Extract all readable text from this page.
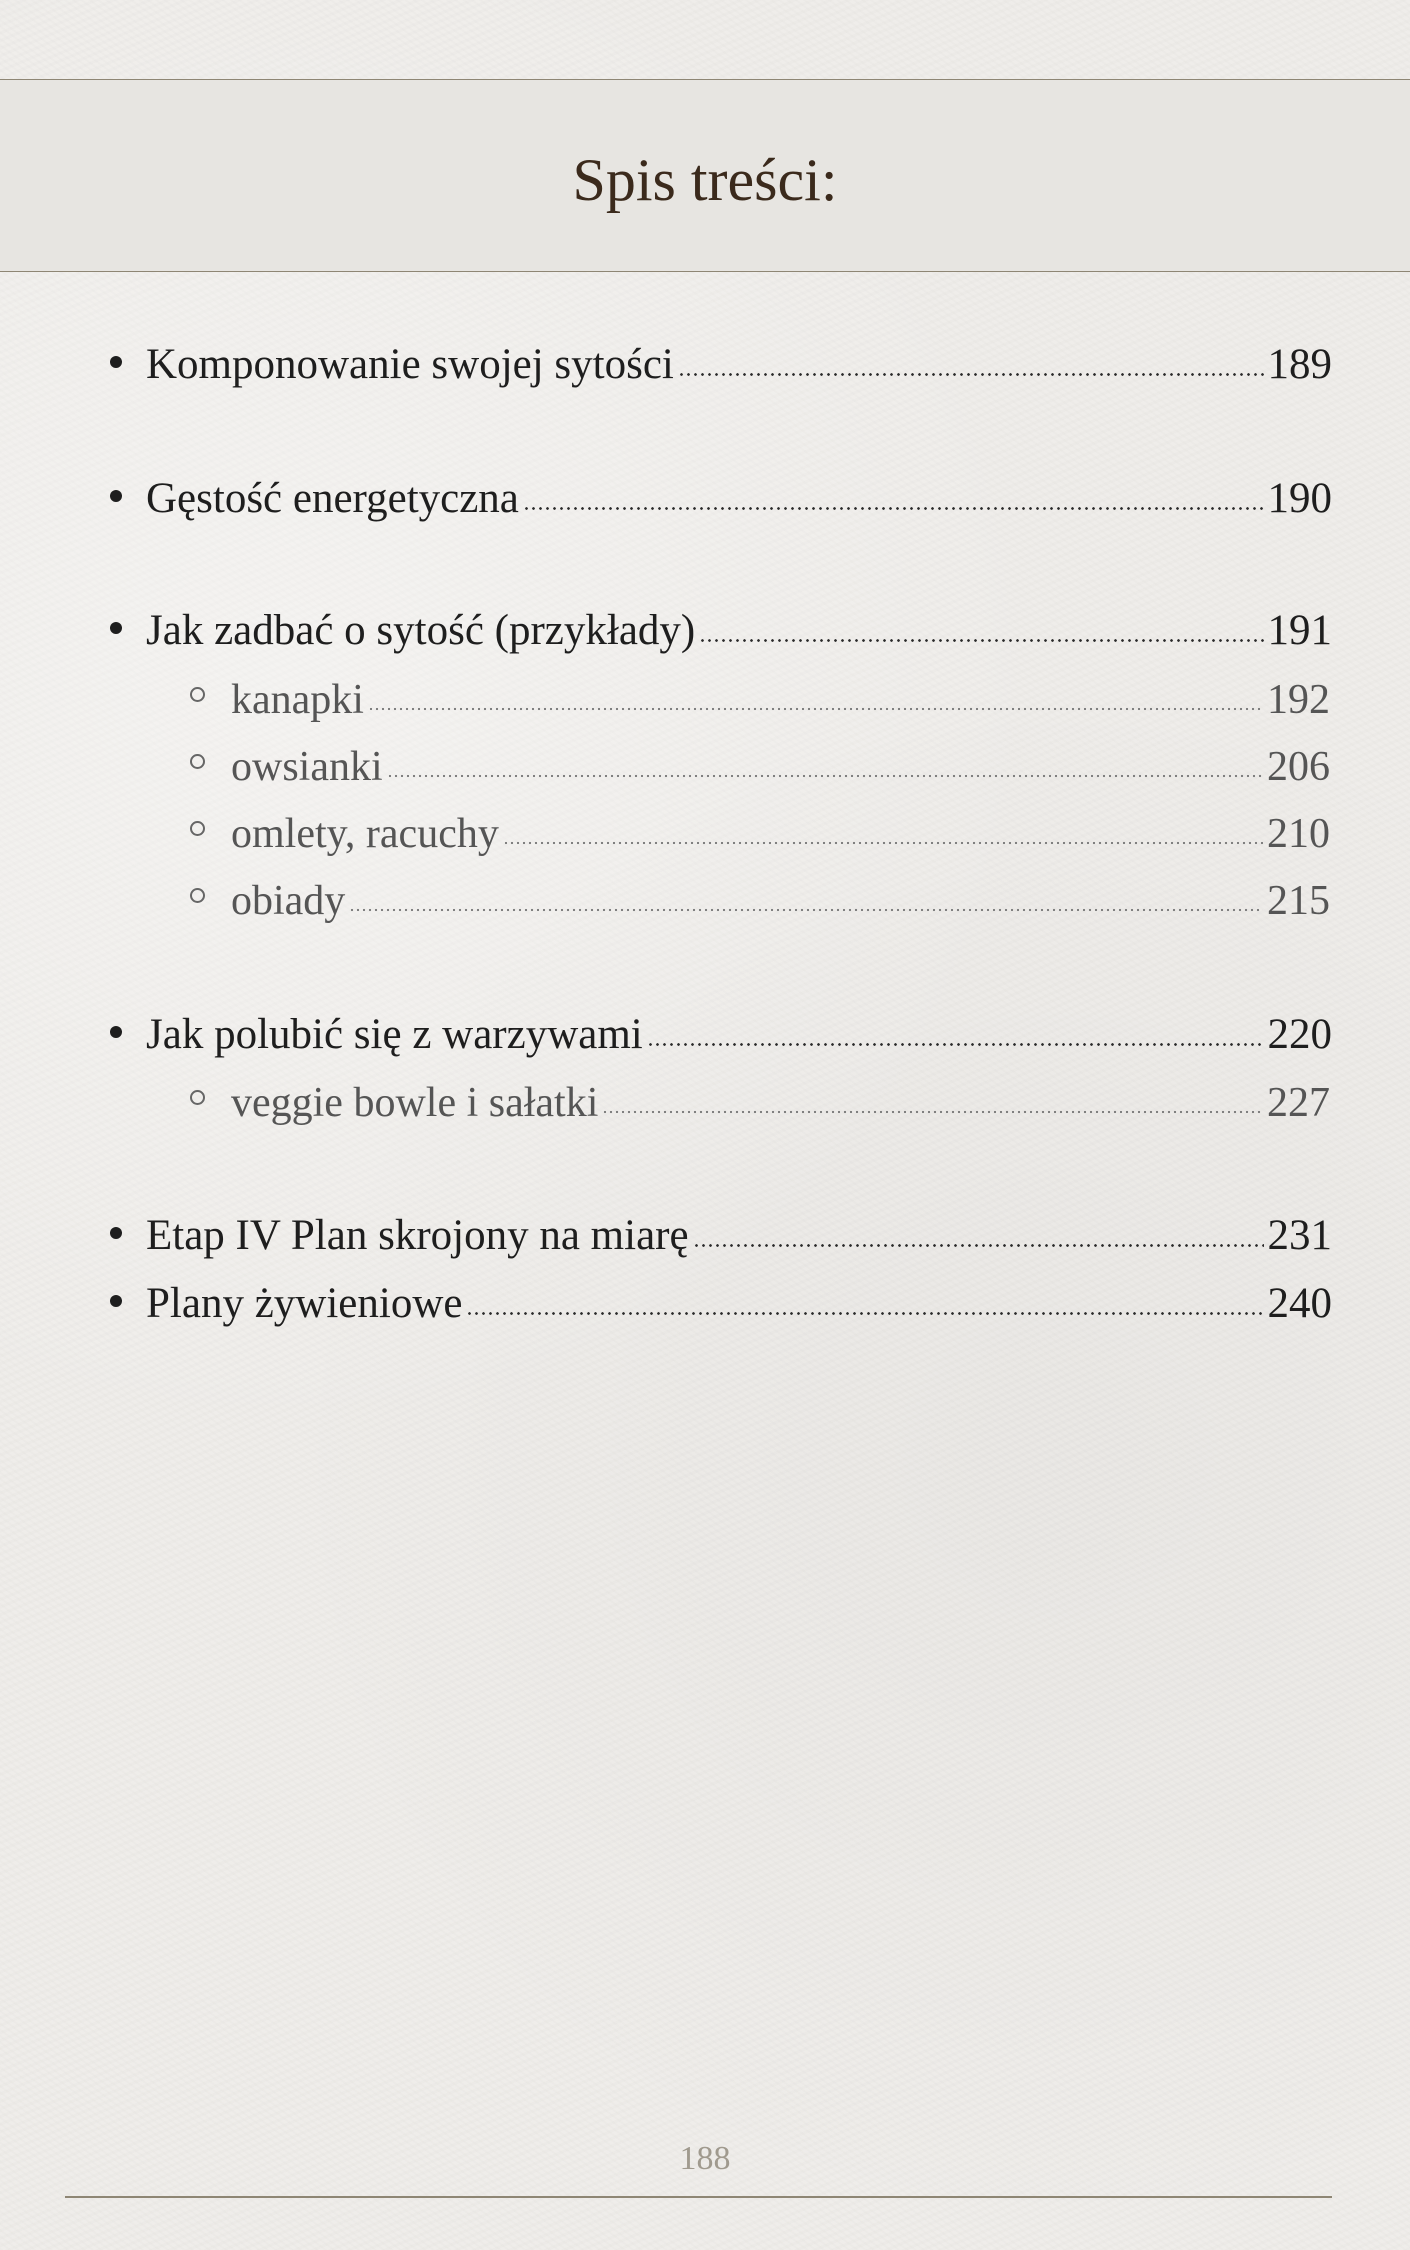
Spis treści:
Komponowanie swojej sytości	189
Gęstość energetyczna	190
Jak zadbać o sytość (przykłady)	191
kanapki	192
owsianki	206
omlety, racuchy	210
obiady	215
Jak polubić się z warzywami	220
veggie bowle i sałatki	227
Etap IV Plan skrojony na miarę	231
Plany żywieniowe	240
188
